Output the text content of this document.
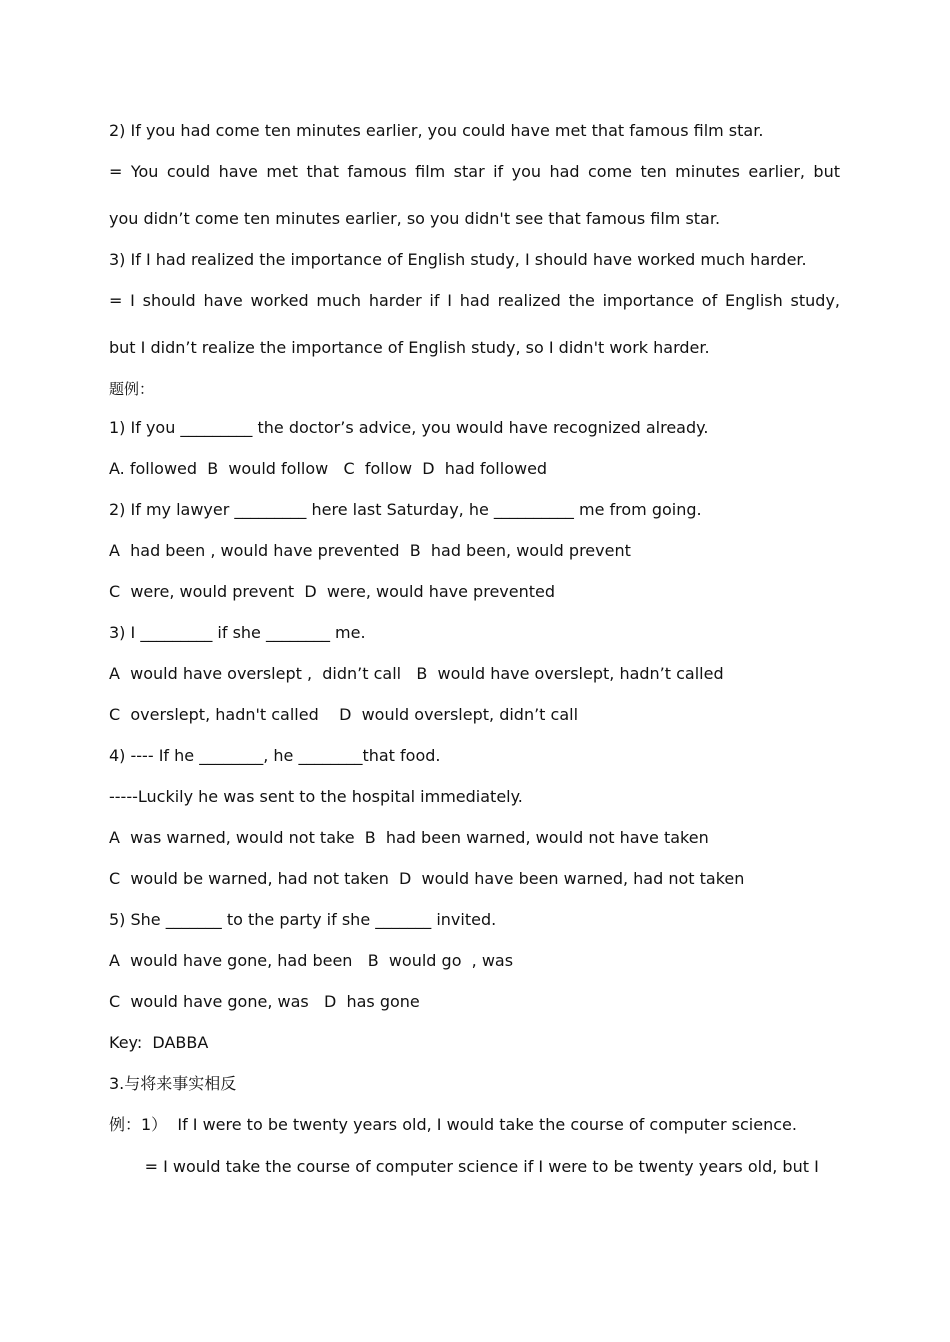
2) If you had come ten minutes earlier, you could have met that famous film star.
= You could have met that famous film star if you had come ten minutes earlier, but
you didn’t come ten minutes earlier, so you didn't see that famous film star.
3) If I had realized the importance of English study, I should have worked much harder.
= I should have worked much harder if I had realized the importance of English study,
but I didn’t realize the importance of English study, so I didn't work harder.
题例：
1) If you _________ the doctor’s advice, you would have recognized already.
A. followed  B  would follow   C  follow  D  had followed
2) If my lawyer _________ here last Saturday, he __________ me from going.
A  had been , would have prevented  B  had been, would prevent
C  were, would prevent  D  were, would have prevented
3) I _________ if she ________ me.
A  would have overslept ,  didn’t call   B  would have overslept, hadn’t called
C  overslept, hadn't called    D  would overslept, didn’t call
4) ---- If he ________, he ________that food.
-----Luckily he was sent to the hospital immediately.
A  was warned, would not take  B  had been warned, would not have taken
C  would be warned, had not taken  D  would have been warned, had not taken
5) She _______ to the party if she _______ invited.
A  would have gone, had been   B  would go  , was
C  would have gone, was   D  has gone
Key:  DABBA
3.与将来事实相反
例：1）  If I were to be twenty years old, I would take the course of computer science.
= I would take the course of computer science if I were to be twenty years old, but I
